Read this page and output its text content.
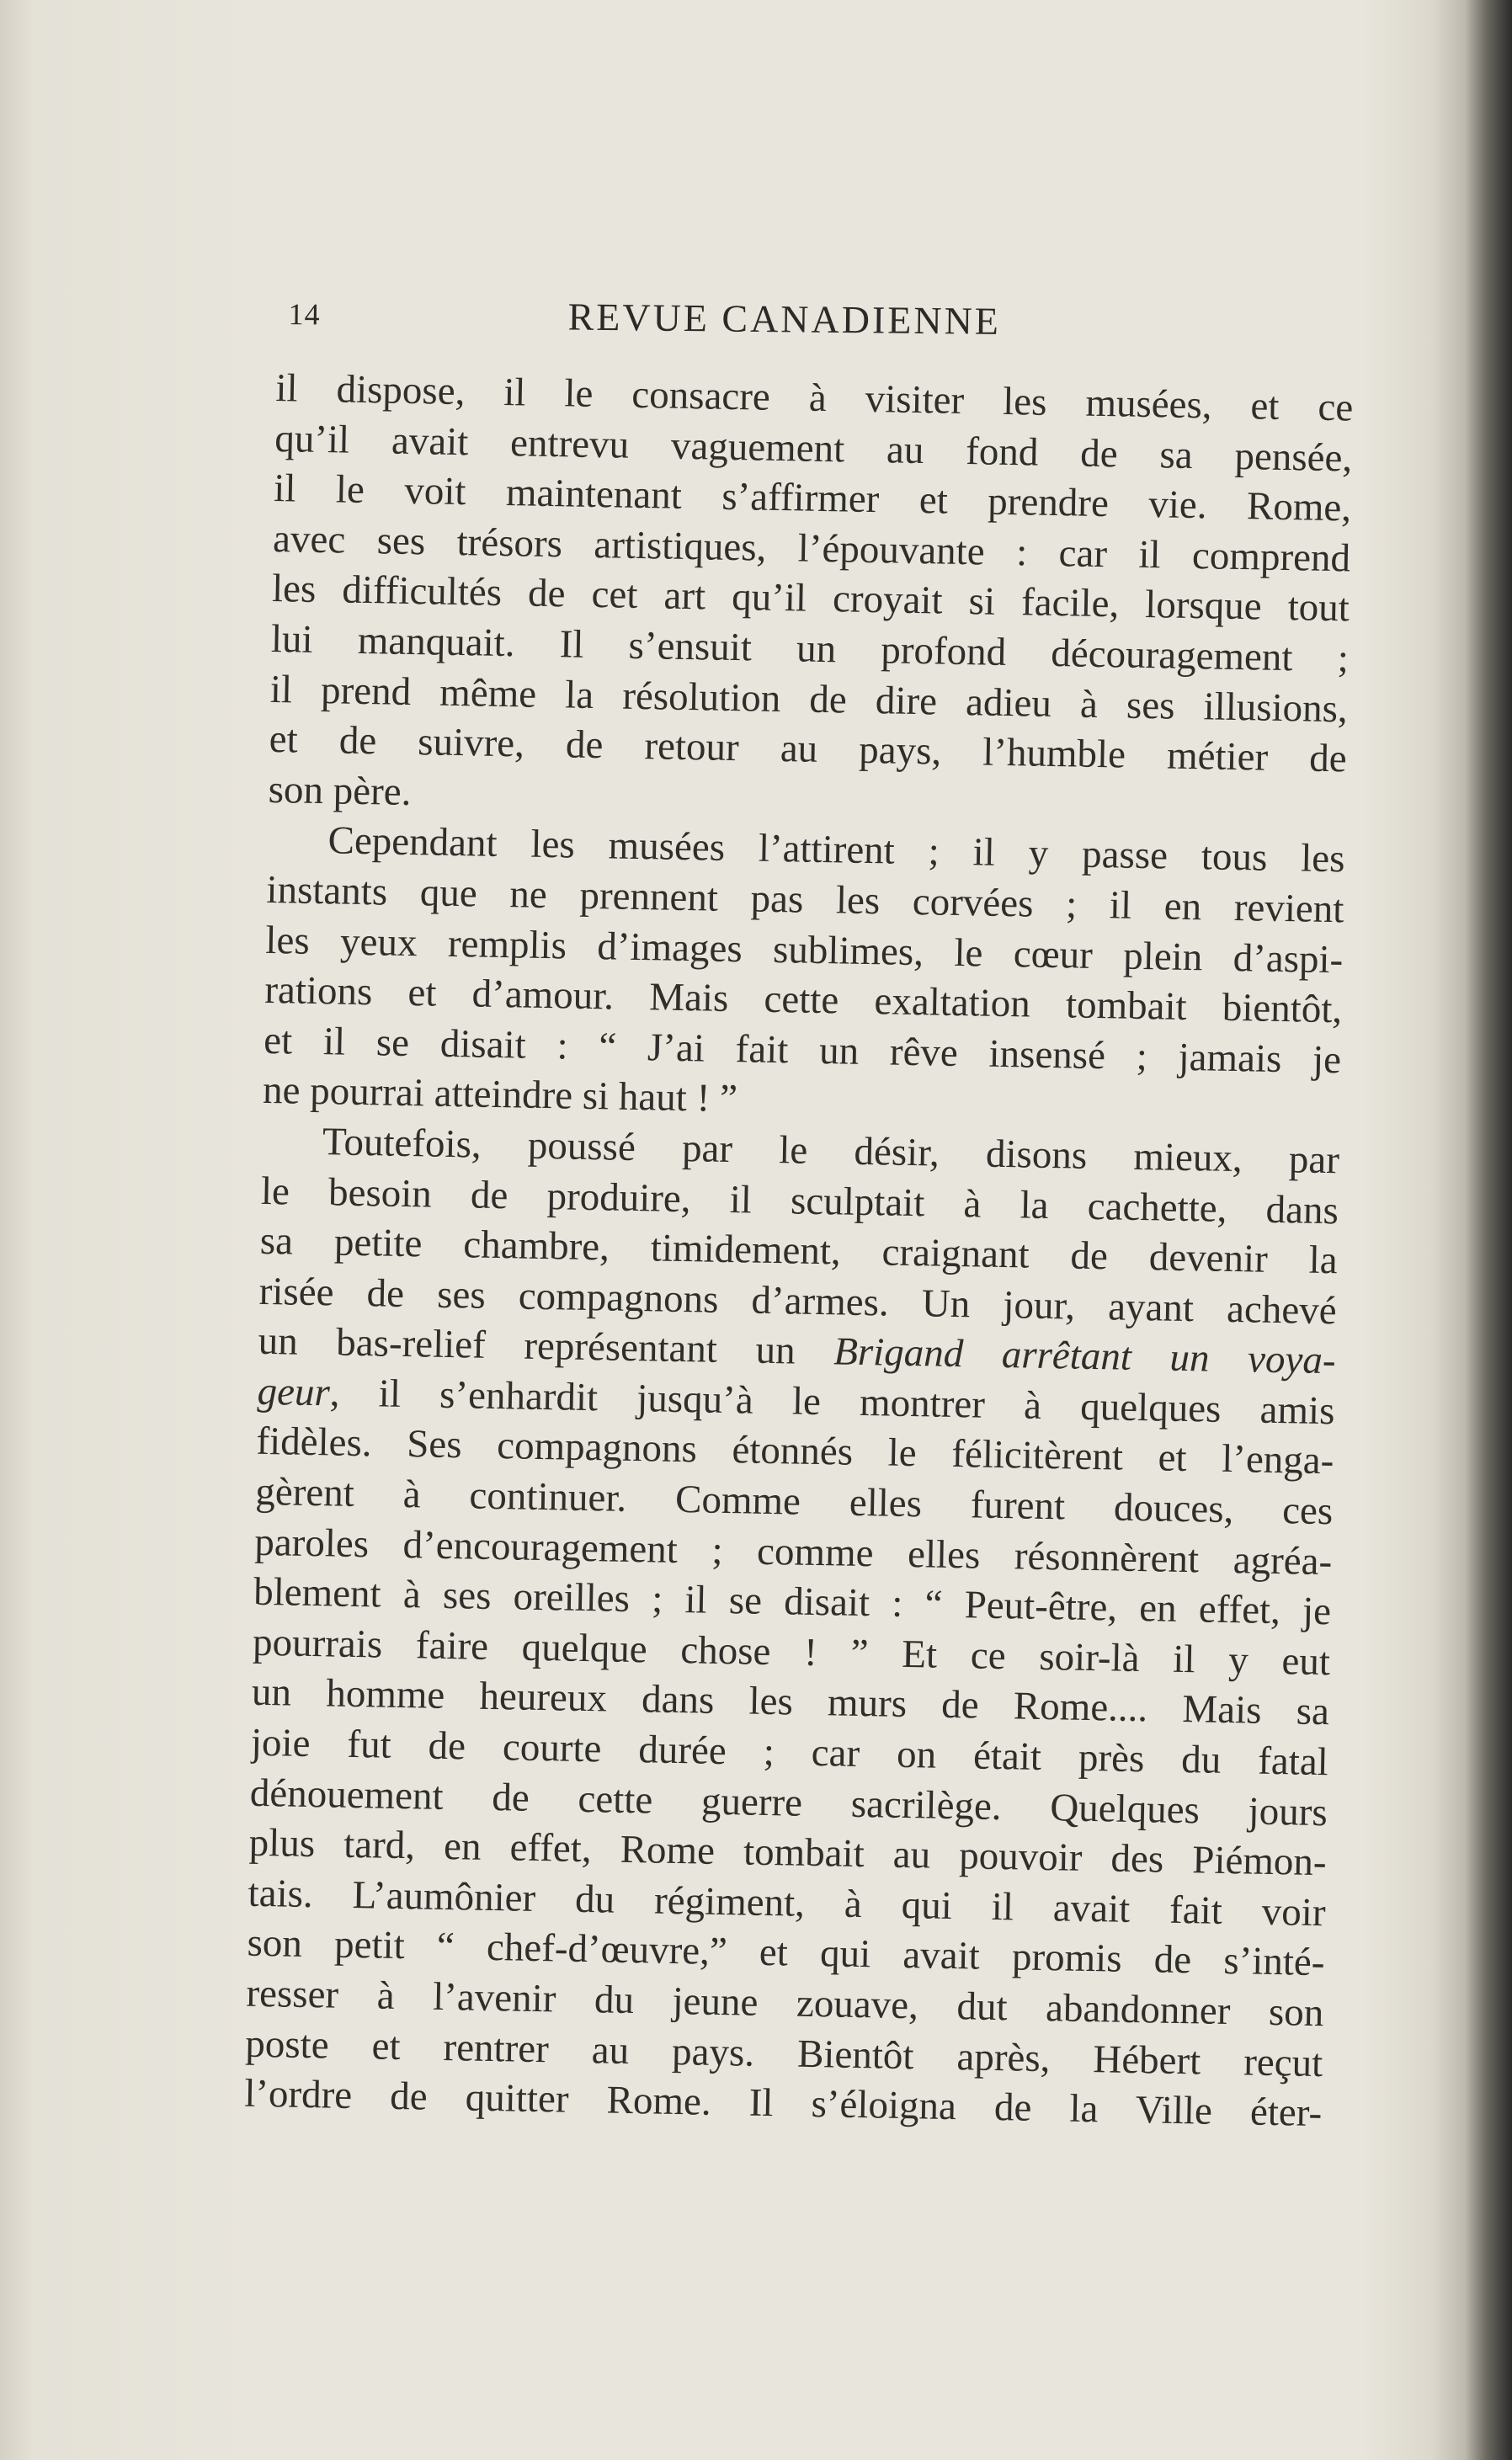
14	REVUE CANADIENNE
il dispose, il le consacre à visiter les musées, et ce
qu’il avait entrevu vaguement au fond de sa pensée,
il le voit maintenant s’affirmer et prendre vie. Rome,
avec ses trésors artistiques, l’épouvante : car il comprend
les difficultés de cet art qu’il croyait si facile, lorsque tout
lui manquait. Il s’ensuit un profond découragement ;
il prend même la résolution de dire adieu à ses illusions,
et de suivre, de retour au pays, l’humble métier de
son père.
Cependant les musées l’attirent ; il y passe tous les
instants que ne prennent pas les corvées ; il en revient
les yeux remplis d’images sublimes, le cœur plein d’aspi-
rations et d’amour. Mais cette exaltation tombait bientôt,
et il se disait : “ J’ai fait un rêve insensé ; jamais je
ne pourrai atteindre si haut ! ”
Toutefois, poussé par le désir, disons mieux, par
le besoin de produire, il sculptait à la cachette, dans
sa petite chambre, timidement, craignant de devenir la
risée de ses compagnons d’armes. Un jour, ayant achevé
un bas-relief représentant un Brigand arrêtant un voya-
geur, il s’enhardit jusqu’à le montrer à quelques amis
fidèles. Ses compagnons étonnés le félicitèrent et l’enga-
gèrent à continuer. Comme elles furent douces, ces
paroles d’encouragement ; comme elles résonnèrent agréa-
blement à ses oreilles ; il se disait : “ Peut-être, en effet, je
pourrais faire quelque chose ! ” Et ce soir-là il y eut
un homme heureux dans les murs de Rome.... Mais sa
joie fut de courte durée ; car on était près du fatal
dénouement de cette guerre sacrilège. Quelques jours
plus tard, en effet, Rome tombait au pouvoir des Piémon-
tais. L’aumônier du régiment, à qui il avait fait voir
son petit “ chef-d’œuvre,” et qui avait promis de s’inté-
resser à l’avenir du jeune zouave, dut abandonner son
poste et rentrer au pays. Bientôt après, Hébert reçut
l’ordre de quitter Rome. Il s’éloigna de la Ville éter-
